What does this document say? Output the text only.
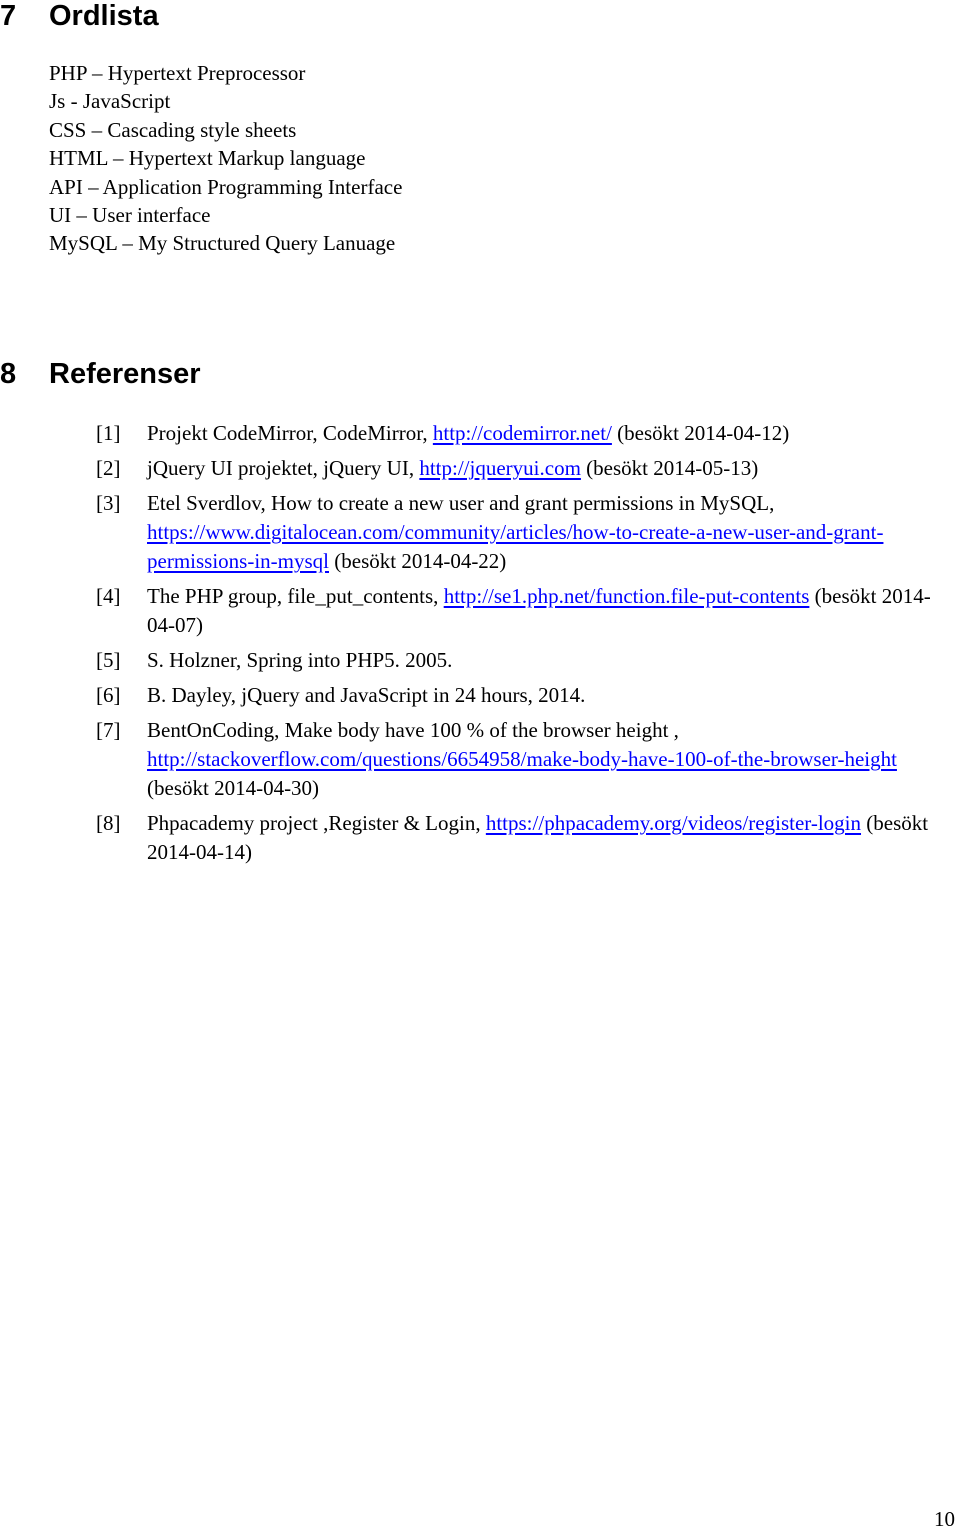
7 Ordlista
PHP – Hypertext Preprocessor
Js - JavaScript
CSS – Cascading style sheets
HTML – Hypertext Markup language
API – Application Programming Interface
UI – User interface
MySQL – My Structured Query Lanuage
8 Referenser
[1] Projekt CodeMirror, CodeMirror, http://codemirror.net/ (besökt 2014-04-12)
[2] jQuery UI projektet, jQuery UI, http://jqueryui.com (besökt 2014-05-13)
[3] Etel Sverdlov, How to create a new user and grant permissions in MySQL, https://www.digitalocean.com/community/articles/how-to-create-a-new-user-and-grant-permissions-in-mysql (besökt 2014-04-22)
[4] The PHP group, file_put_contents, http://se1.php.net/function.file-put-contents (besökt 2014-04-07)
[5] S. Holzner, Spring into PHP5. 2005.
[6] B. Dayley, jQuery and JavaScript in 24 hours, 2014.
[7] BentOnCoding, Make body have 100 % of the browser height , http://stackoverflow.com/questions/6654958/make-body-have-100-of-the-browser-height (besökt 2014-04-30)
[8] Phpacademy project ,Register & Login, https://phpacademy.org/videos/register-login (besökt 2014-04-14)
10
